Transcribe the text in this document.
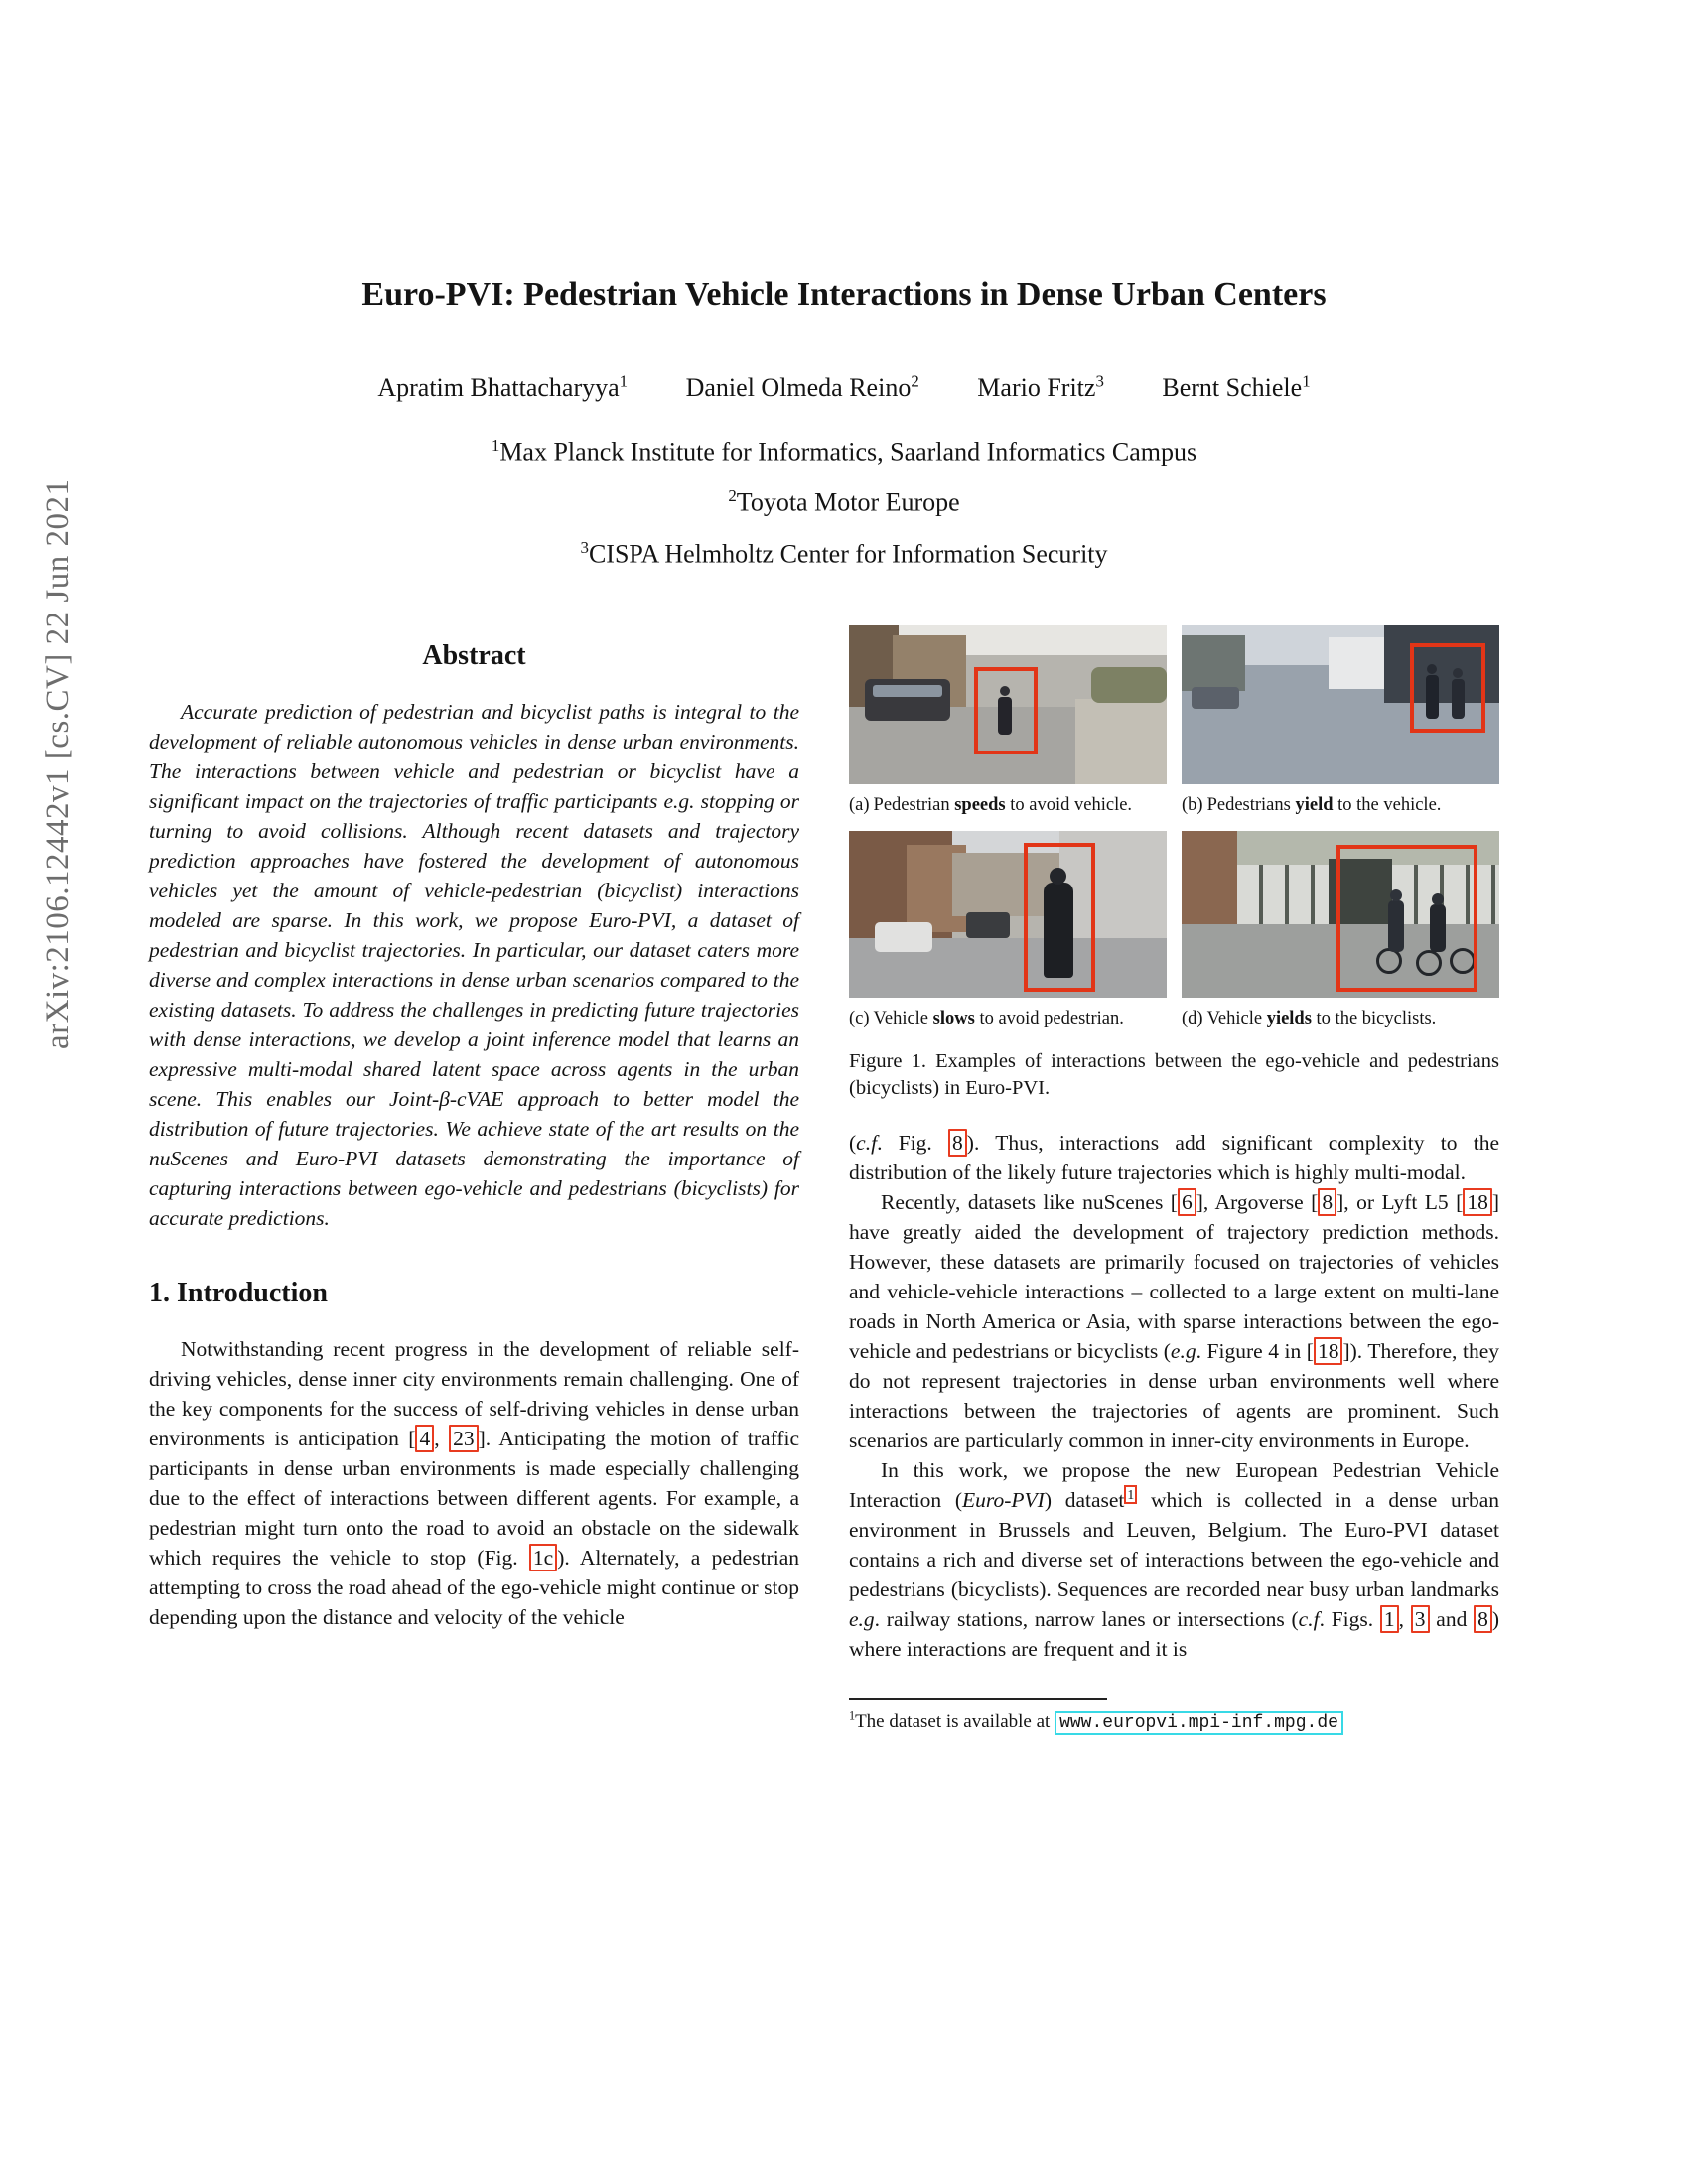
arXiv:2106.12442v1 [cs.CV] 22 Jun 2021
Euro-PVI: Pedestrian Vehicle Interactions in Dense Urban Centers
Apratim Bhattacharyya$^1$ Daniel Olmeda Reino$^2$ Mario Fritz$^3$ Bernt Schiele$^1$
$^1$Max Planck Institute for Informatics, Saarland Informatics Campus
$^2$Toyota Motor Europe
$^3$CISPA Helmholtz Center for Information Security
Abstract

Accurate prediction of pedestrian and bicyclist paths is integral to the development of reliable autonomous vehicles in dense urban environments. The interactions between vehicle and pedestrian or bicyclist have a significant impact on the trajectories of traffic participants e.g. stopping or turning to avoid collisions. Although recent datasets and trajectory prediction approaches have fostered the development of autonomous vehicles yet the amount of vehicle-pedestrian (bicyclist) interactions modeled are sparse. In this work, we propose Euro-PVI, a dataset of pedestrian and bicyclist trajectories. In particular, our dataset caters more diverse and complex interactions in dense urban scenarios compared to the existing datasets. To address the challenges in predicting future trajectories with dense interactions, we develop a joint inference model that learns an expressive multi-modal shared latent space across agents in the urban scene. This enables our Joint-β-cVAE approach to better model the distribution of future trajectories. We achieve state of the art results on the nuScenes and Euro-PVI datasets demonstrating the importance of capturing interactions between ego-vehicle and pedestrians (bicyclists) for accurate predictions.

1. Introduction

Notwithstanding recent progress in the development of reliable self-driving vehicles, dense inner city environments remain challenging. One of the key components for the success of self-driving vehicles in dense urban environments is anticipation [ 4 , 23 ]. Anticipating the motion of traffic participants in dense urban environments is made especially challenging due to the effect of interactions between different agents. For example, a pedestrian might turn onto the road to avoid an obstacle on the sidewalk which requires the vehicle to stop (Fig. 1c ). Alternately, a pedestrian attempting to cross the road ahead of the ego-vehicle might continue or stop depending upon the distance and velocity of the vehicle

(a) Pedestrian speeds to avoid vehicle.	(b) Pedestrians yield to the vehicle.
(c) Vehicle slows to avoid pedestrian.	(d) Vehicle yields to the bicyclists.
Figure 1. Examples of interactions between the ego-vehicle and pedestrians (bicyclists) in Euro-PVI.

(c.f. Fig. 8 ). Thus, interactions add significant complexity to the distribution of the likely future trajectories which is highly multi-modal.

Recently, datasets like nuScenes [ 6 ], Argoverse [ 8 ], or Lyft L5 [ 18 ] have greatly aided the development of trajectory prediction methods. However, these datasets are primarily focused on trajectories of vehicles and vehicle-vehicle interactions – collected to a large extent on multi-lane roads in North America or Asia, with sparse interactions between the ego-vehicle and pedestrians or bicyclists (e.g. Figure 4 in [ 18 ]). Therefore, they do not represent trajectories in dense urban environments well where interactions between the trajectories of agents are prominent. Such scenarios are particularly common in inner-city environments in Europe.

In this work, we propose the new European Pedestrian Vehicle Interaction (Euro-PVI) dataset $^1$ which is collected in a dense urban environment in Brussels and Leuven, Belgium. The Euro-PVI dataset contains a rich and diverse set of interactions between the ego-vehicle and pedestrians (bicyclists). Sequences are recorded near busy urban landmarks e.g. railway stations, narrow lanes or intersections (c.f. Figs. 1 , 3 and 8 ) where interactions are frequent and it is

$^1$The dataset is available at www.europvi.mpi-inf.mpg.de
